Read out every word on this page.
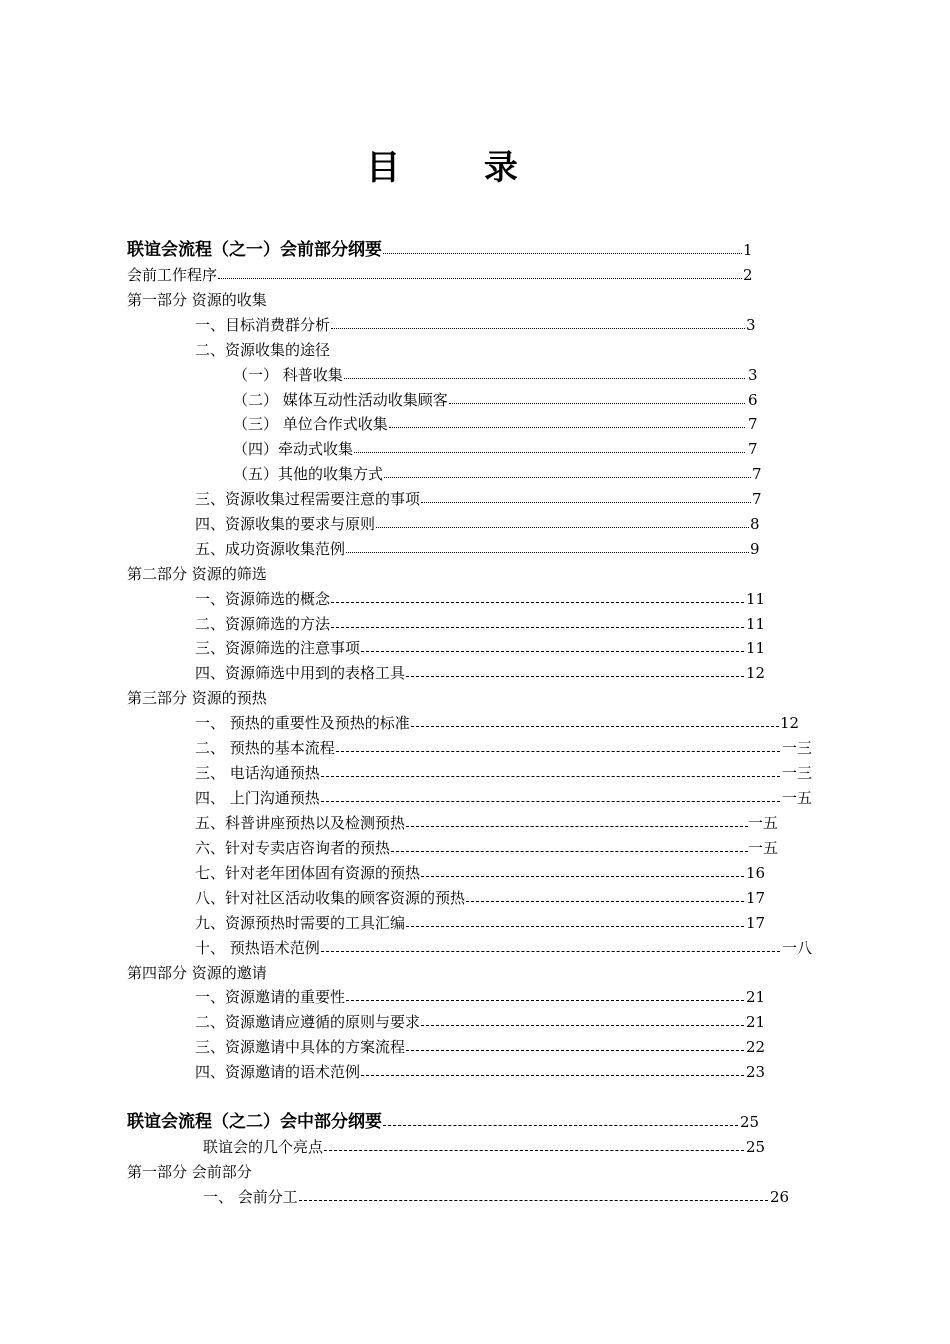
目 录
联谊会流程（之一）会前部分纲要	1
会前工作程序	2
第一部分 资源的收集
一、目标消费群分析	3
二、资源收集的途径
（一） 科普收集	3
（二） 媒体互动性活动收集顾客	6
（三） 单位合作式收集	7
（四）牵动式收集	7
（五）其他的收集方式	7
三、资源收集过程需要注意的事项	7
四、资源收集的要求与原则	8
五、成功资源收集范例	9
第二部分 资源的筛选
一、资源筛选的概念	11
二、资源筛选的方法	11
三、资源筛选的注意事项	11
四、资源筛选中用到的表格工具	12
第三部分 资源的预热
一、 预热的重要性及预热的标准	12
二、 预热的基本流程	一三
三、 电话沟通预热	一三
四、 上门沟通预热	一五
五、科普讲座预热以及检测预热	一五
六、针对专卖店咨询者的预热	一五
七、针对老年团体固有资源的预热	16
八、针对社区活动收集的顾客资源的预热	17
九、资源预热时需要的工具汇编	17
十、 预热语术范例	一八
第四部分 资源的邀请
一、资源邀请的重要性	21
二、资源邀请应遵循的原则与要求	21
三、资源邀请中具体的方案流程	22
四、资源邀请的语术范例	23
联谊会流程（之二）会中部分纲要	25
联谊会的几个亮点	25
第一部分 会前部分
一、 会前分工	26
